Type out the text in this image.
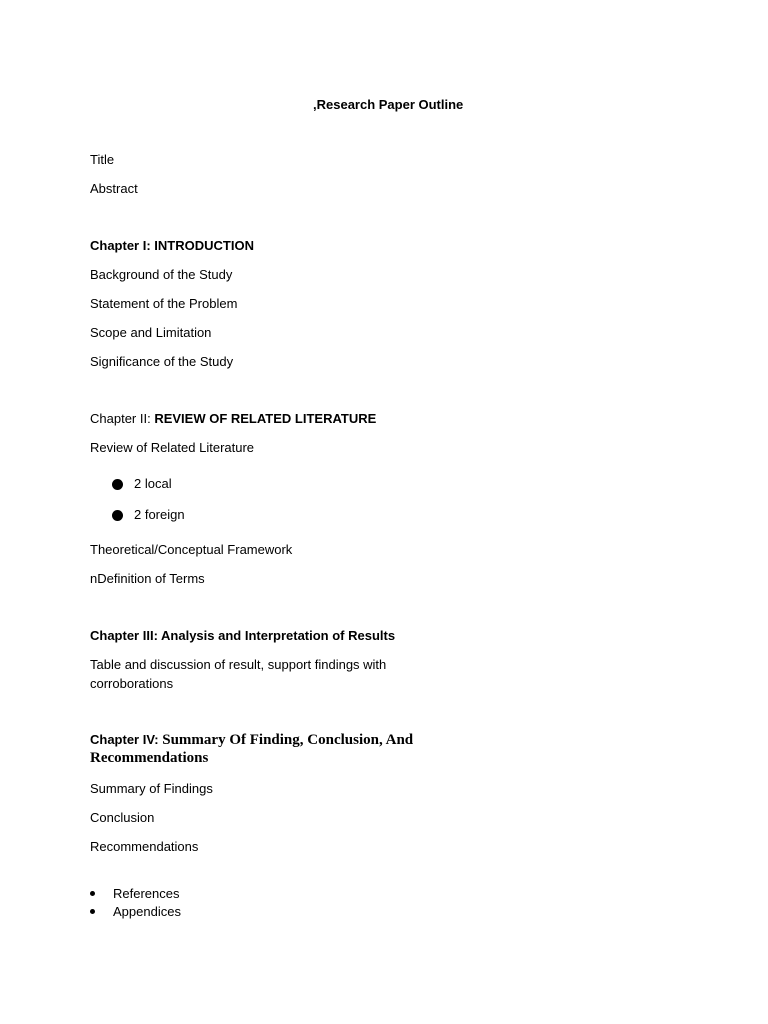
,Research Paper Outline
Title
Abstract
Chapter I: INTRODUCTION
Background of the Study
Statement of the Problem
Scope and Limitation
Significance of the Study
Chapter II: REVIEW OF RELATED LITERATURE
Review of Related Literature
2 local
2 foreign
Theoretical/Conceptual Framework
nDefinition of Terms
Chapter III: Analysis and Interpretation of Results
Table and discussion of result, support findings with
corroborations
Chapter IV: Summary Of Finding, Conclusion, And
Recommendations
Summary of Findings
Conclusion
Recommendations
References
Appendices
